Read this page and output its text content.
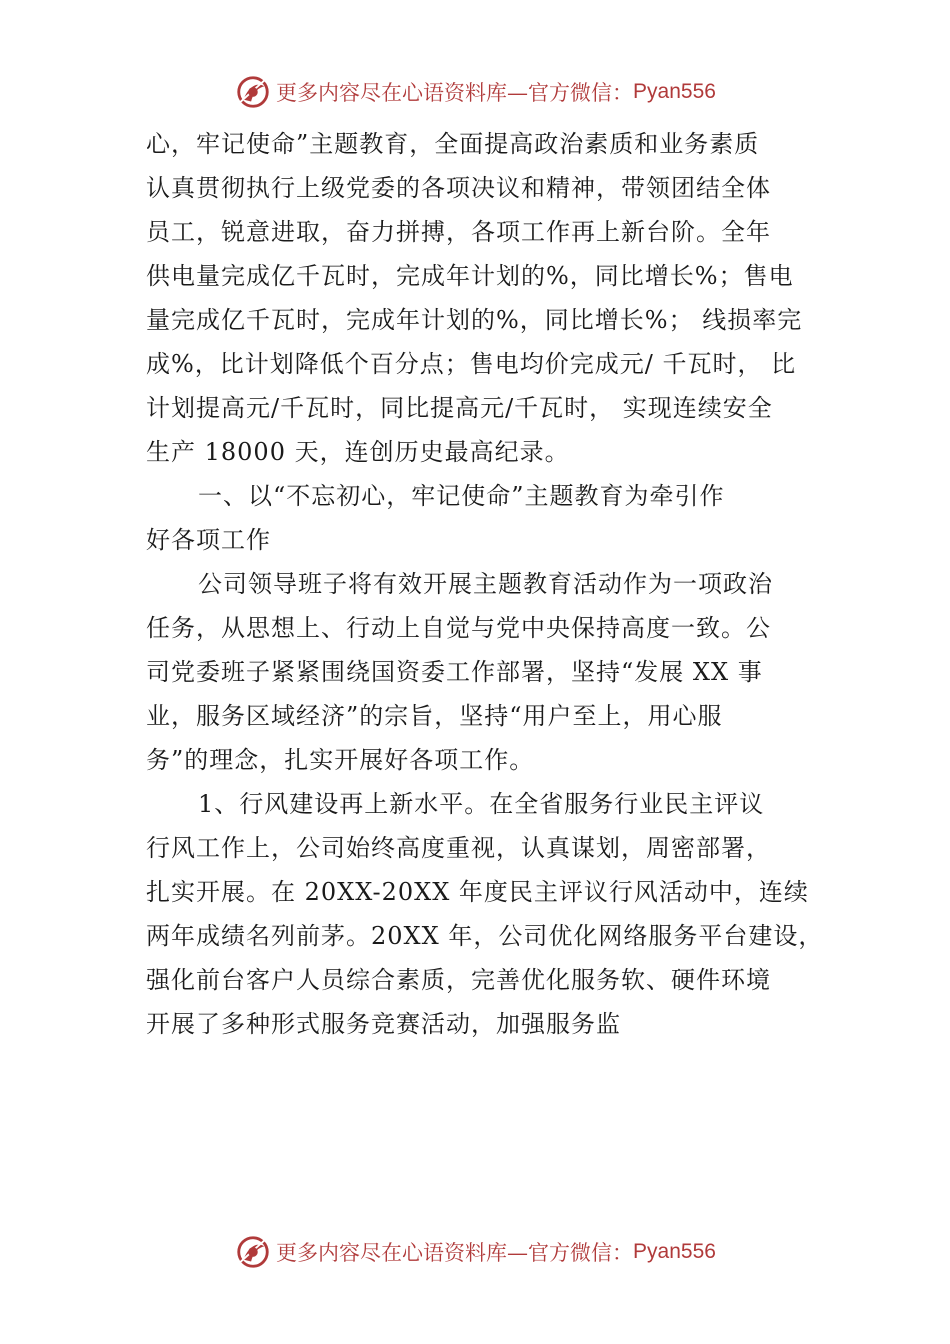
更多内容尽在心语资料库—官方微信： Pyan556
心，牢记使命”主题教育，全面提高政治素质和业务素质
认真贯彻执行上级党委的各项决议和精神，带领团结全体
员工，锐意进取，奋力拼搏，各项工作再上新台阶。全年
供电量完成亿千瓦时，完成年计划的%，同比增长%；售电
量完成亿千瓦时，完成年计划的%，同比增长%； 线损率完
成%，比计划降低个百分点；售电均价完成元/ 千瓦时， 比
计划提高元/千瓦时，同比提高元/千瓦时， 实现连续安全
生产 18000 天，连创历史最高纪录。
一、以“不忘初心，牢记使命”主题教育为牵引作
好各项工作
公司领导班子将有效开展主题教育活动作为一项政治
任务，从思想上、行动上自觉与党中央保持高度一致。公
司党委班子紧紧围绕国资委工作部署，坚持“发展 XX 事
业，服务区域经济”的宗旨，坚持“用户至上，用心服
务”的理念，扎实开展好各项工作。
1、行风建设再上新水平。在全省服务行业民主评议
行风工作上，公司始终高度重视，认真谋划，周密部署，
扎实开展。在 20XX-20XX 年度民主评议行风活动中，连续
两年成绩名列前茅。20XX 年，公司优化网络服务平台建设，
强化前台客户人员综合素质，完善优化服务软、硬件环境
开展了多种形式服务竞赛活动，加强服务监
更多内容尽在心语资料库—官方微信： Pyan556
